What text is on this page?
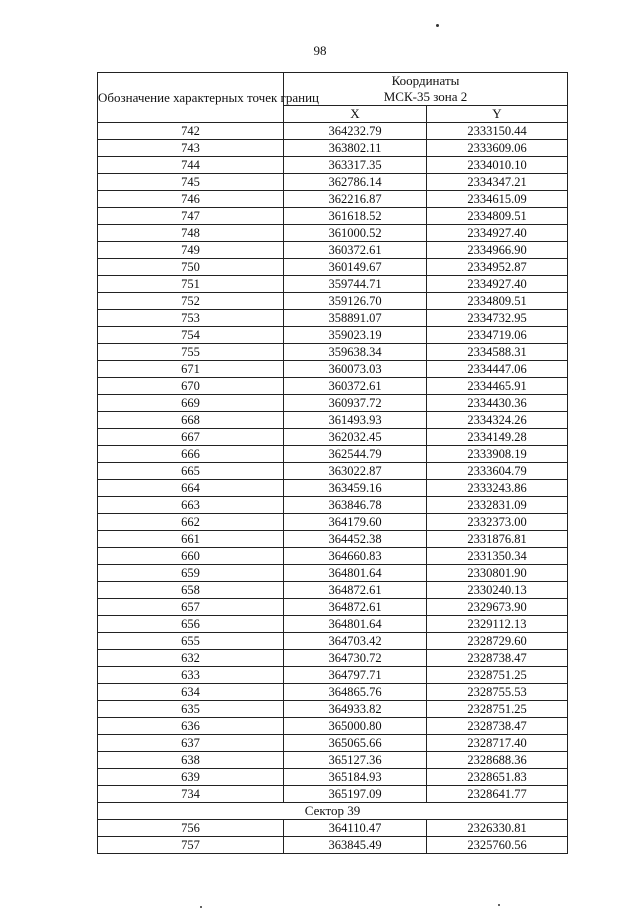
98
Обозначение характерных точек границ	Координаты
МСК-35 зона 2	

	X	Y
742	364232.79	2333150.44
743	363802.11	2333609.06
744	363317.35	2334010.10
745	362786.14	2334347.21
746	362216.87	2334615.09
747	361618.52	2334809.51
748	361000.52	2334927.40
749	360372.61	2334966.90
750	360149.67	2334952.87
751	359744.71	2334927.40
752	359126.70	2334809.51
753	358891.07	2334732.95
754	359023.19	2334719.06
755	359638.34	2334588.31
671	360073.03	2334447.06
670	360372.61	2334465.91
669	360937.72	2334430.36
668	361493.93	2334324.26
667	362032.45	2334149.28
666	362544.79	2333908.19
665	363022.87	2333604.79
664	363459.16	2333243.86
663	363846.78	2332831.09
662	364179.60	2332373.00
661	364452.38	2331876.81
660	364660.83	2331350.34
659	364801.64	2330801.90
658	364872.61	2330240.13
657	364872.61	2329673.90
656	364801.64	2329112.13
655	364703.42	2328729.60
632	364730.72	2328738.47
633	364797.71	2328751.25
634	364865.76	2328755.53
635	364933.82	2328751.25
636	365000.80	2328738.47
637	365065.66	2328717.40
638	365127.36	2328688.36
639	365184.93	2328651.83
734	365197.09	2328641.77
Сектор 39		
756	364110.47	2326330.81
757	363845.49	2325760.56
